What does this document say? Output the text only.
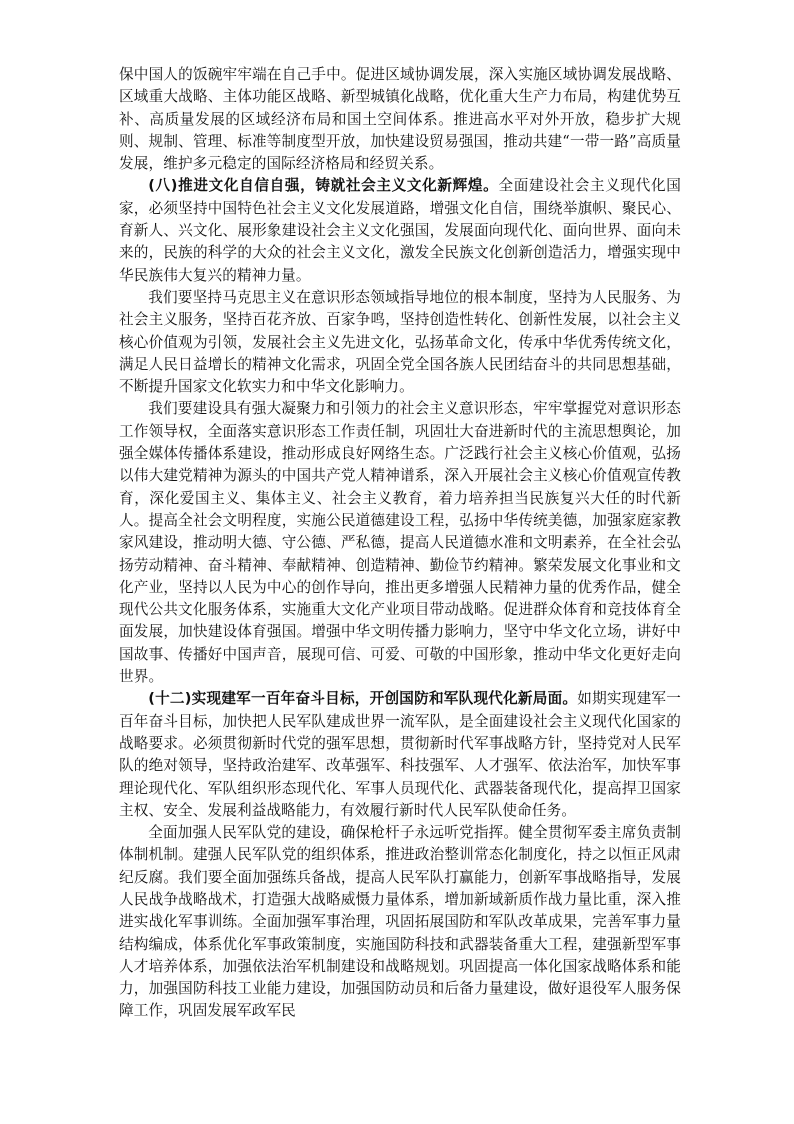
保中国人的饭碗牢牢端在自己手中。促进区域协调发展，深入实施区域协调发展战略、区域重大战略、主体功能区战略、新型城镇化战略，优化重大生产力布局，构建优势互补、高质量发展的区域经济布局和国土空间体系。推进高水平对外开放，稳步扩大规则、规制、管理、标准等制度型开放，加快建设贸易强国，推动共建“一带一路”高质量发展，维护多元稳定的国际经济格局和经贸关系。

(八)推进文化自信自强，铸就社会主义文化新辉煌。全面建设社会主义现代化国家，必须坚持中国特色社会主义文化发展道路，增强文化自信，围绕举旗帜、聚民心、育新人、兴文化、展形象建设社会主义文化强国，发展面向现代化、面向世界、面向未来的，民族的科学的大众的社会主义文化，激发全民族文化创新创造活力，增强实现中华民族伟大复兴的精神力量。

我们要坚持马克思主义在意识形态领域指导地位的根本制度，坚持为人民服务、为社会主义服务，坚持百花齐放、百家争鸣，坚持创造性转化、创新性发展，以社会主义核心价值观为引领，发展社会主义先进文化，弘扬革命文化，传承中华优秀传统文化，满足人民日益增长的精神文化需求，巩固全党全国各族人民团结奋斗的共同思想基础，不断提升国家文化软实力和中华文化影响力。

我们要建设具有强大凝聚力和引领力的社会主义意识形态，牢牢掌握党对意识形态工作领导权，全面落实意识形态工作责任制，巩固壮大奋进新时代的主流思想舆论，加强全媒体传播体系建设，推动形成良好网络生态。广泛践行社会主义核心价值观，弘扬以伟大建党精神为源头的中国共产党人精神谱系，深入开展社会主义核心价值观宣传教育，深化爱国主义、集体主义、社会主义教育，着力培养担当民族复兴大任的时代新人。提高全社会文明程度，实施公民道德建设工程，弘扬中华传统美德，加强家庭家教家风建设，推动明大德、守公德、严私德，提高人民道德水准和文明素养，在全社会弘扬劳动精神、奋斗精神、奉献精神、创造精神、勤俭节约精神。繁荣发展文化事业和文化产业，坚持以人民为中心的创作导向，推出更多增强人民精神力量的优秀作品，健全现代公共文化服务体系，实施重大文化产业项目带动战略。促进群众体育和竞技体育全面发展，加快建设体育强国。增强中华文明传播力影响力，坚守中华文化立场，讲好中国故事、传播好中国声音，展现可信、可爱、可敬的中国形象，推动中华文化更好走向世界。

(十二)实现建军一百年奋斗目标，开创国防和军队现代化新局面。如期实现建军一百年奋斗目标，加快把人民军队建成世界一流军队，是全面建设社会主义现代化国家的战略要求。必须贯彻新时代党的强军思想，贯彻新时代军事战略方针，坚持党对人民军队的绝对领导，坚持政治建军、改革强军、科技强军、人才强军、依法治军，加快军事理论现代化、军队组织形态现代化、军事人员现代化、武器装备现代化，提高捍卫国家主权、安全、发展利益战略能力，有效履行新时代人民军队使命任务。

全面加强人民军队党的建设，确保枪杆子永远听党指挥。健全贯彻军委主席负责制体制机制。建强人民军队党的组织体系，推进政治整训常态化制度化，持之以恒正风肃纪反腐。我们要全面加强练兵备战，提高人民军队打赢能力，创新军事战略指导，发展人民战争战略战术，打造强大战略威慑力量体系，增加新域新质作战力量比重，深入推进实战化军事训练。全面加强军事治理，巩固拓展国防和军队改革成果，完善军事力量结构编成，体系优化军事政策制度，实施国防科技和武器装备重大工程，建强新型军事人才培养体系，加强依法治军机制建设和战略规划。巩固提高一体化国家战略体系和能力，加强国防科技工业能力建设，加强国防动员和后备力量建设，做好退役军人服务保障工作，巩固发展军政军民
